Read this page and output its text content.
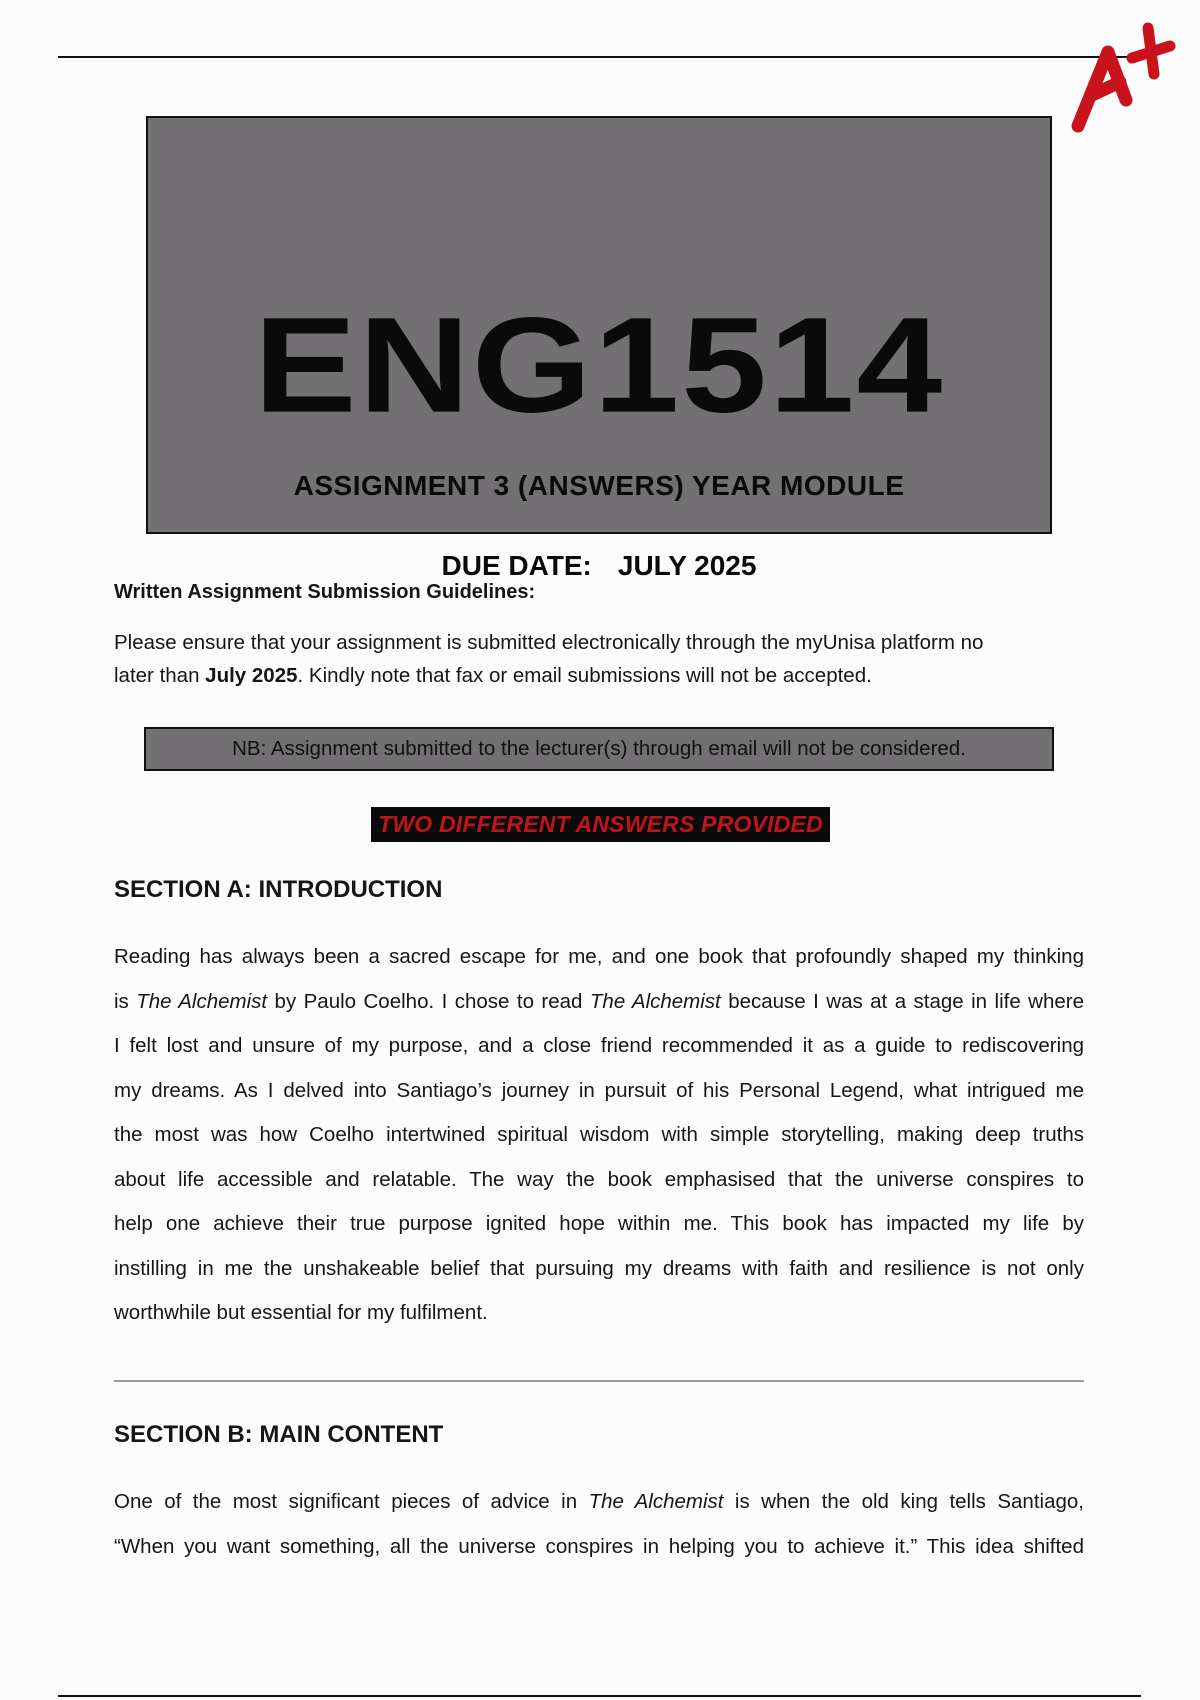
ENG1514
ASSIGNMENT 3 (ANSWERS) YEAR MODULE
DUE DATE: JULY 2025
Written Assignment Submission Guidelines:
Please ensure that your assignment is submitted electronically through the myUnisa platform no
later than July 2025. Kindly note that fax or email submissions will not be accepted.
NB: Assignment submitted to the lecturer(s) through email will not be considered.
TWO DIFFERENT ANSWERS PROVIDED
SECTION A: INTRODUCTION
Reading has always been a sacred escape for me, and one book that profoundly shaped my thinking
is The Alchemist by Paulo Coelho. I chose to read The Alchemist because I was at a stage in life where
I felt lost and unsure of my purpose, and a close friend recommended it as a guide to rediscovering
my dreams. As I delved into Santiago’s journey in pursuit of his Personal Legend, what intrigued me
the most was how Coelho intertwined spiritual wisdom with simple storytelling, making deep truths
about life accessible and relatable. The way the book emphasised that the universe conspires to
help one achieve their true purpose ignited hope within me. This book has impacted my life by
instilling in me the unshakeable belief that pursuing my dreams with faith and resilience is not only
worthwhile but essential for my fulfilment.
SECTION B: MAIN CONTENT
One of the most significant pieces of advice in The Alchemist is when the old king tells Santiago,
“When you want something, all the universe conspires in helping you to achieve it.” This idea shifted
